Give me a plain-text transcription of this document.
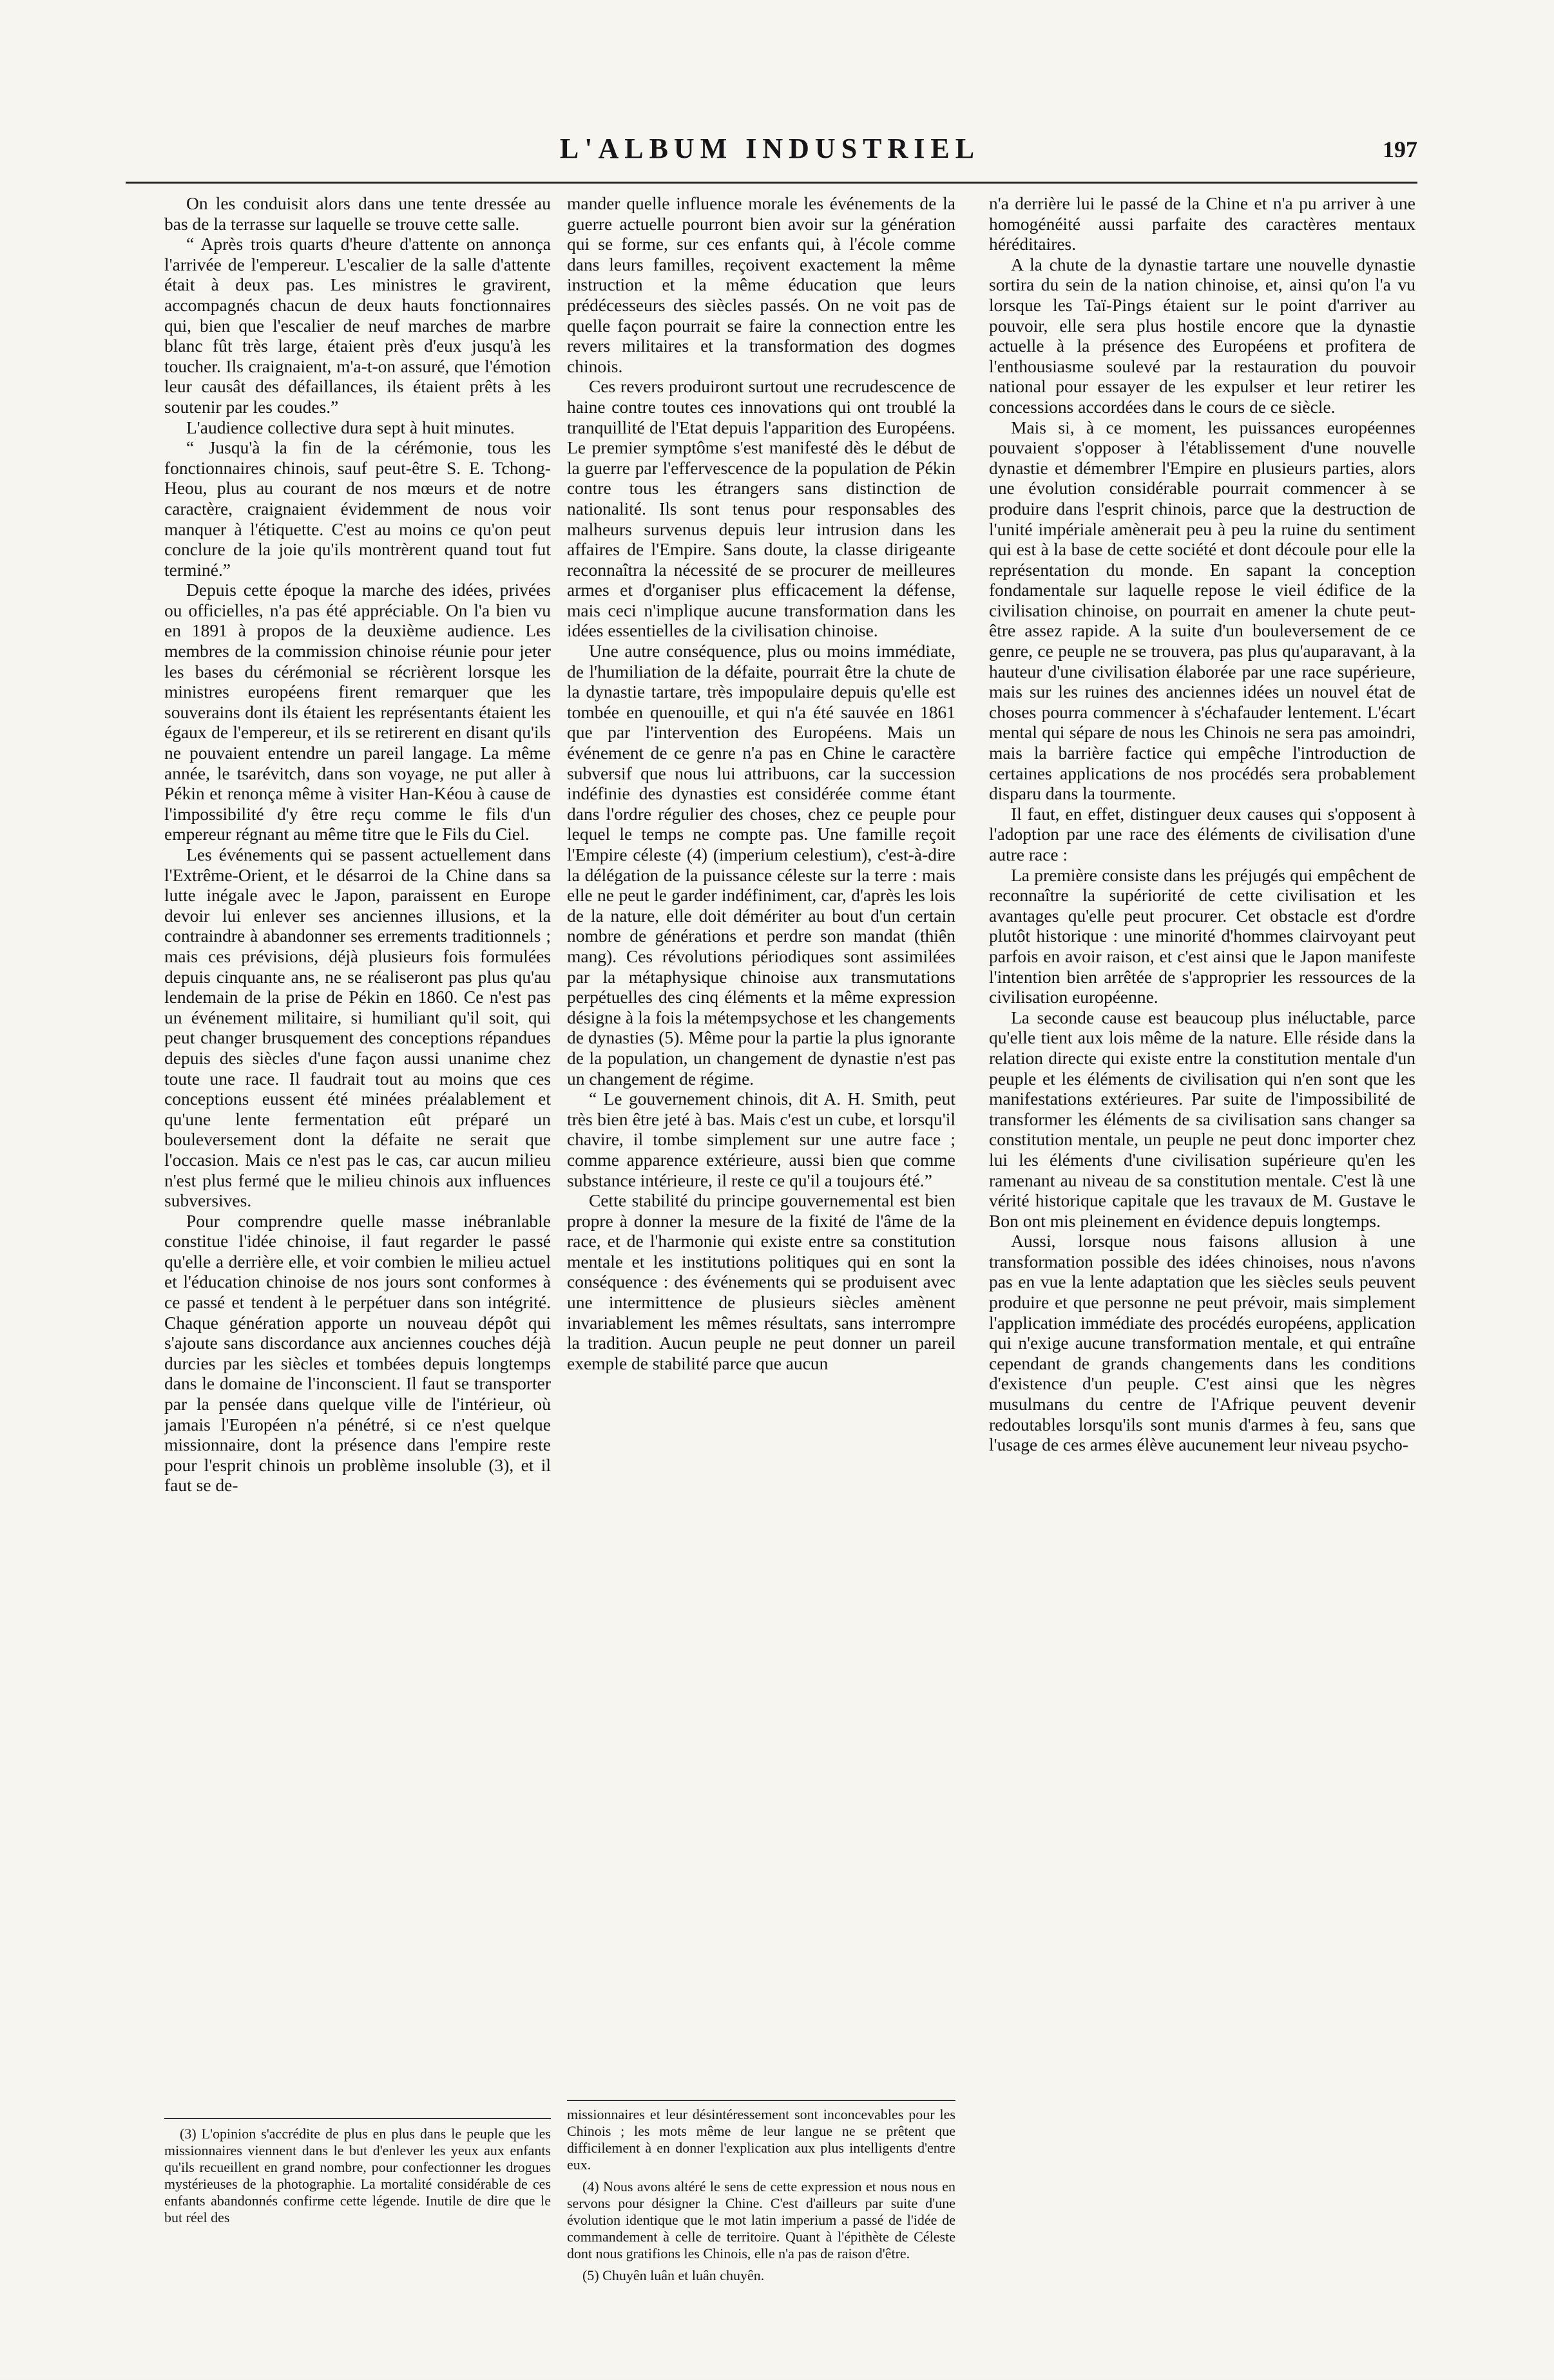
L'ALBUM INDUSTRIEL	197

On les conduisit alors dans une tente dressée au bas de la terrasse sur laquelle se trouve cette salle.

“ Après trois quarts d'heure d'attente on annonça l'arrivée de l'empereur. L'escalier de la salle d'attente était à deux pas. Les ministres le gravirent, accompagnés chacun de deux hauts fonctionnaires qui, bien que l'escalier de neuf marches de marbre blanc fût très large, étaient près d'eux jusqu'à les toucher. Ils craignaient, m'a-t-on assuré, que l'émotion leur causât des défaillances, ils étaient prêts à les soutenir par les coudes.”

L'audience collective dura sept à huit minutes.

“ Jusqu'à la fin de la cérémonie, tous les fonctionnaires chinois, sauf peut-être S. E. Tchong-Heou, plus au courant de nos mœurs et de notre caractère, craignaient évidemment de nous voir manquer à l'étiquette. C'est au moins ce qu'on peut conclure de la joie qu'ils montrèrent quand tout fut terminé.”

Depuis cette époque la marche des idées, privées ou officielles, n'a pas été appréciable. On l'a bien vu en 1891 à propos de la deuxième audience. Les membres de la commission chinoise réunie pour jeter les bases du cérémonial se récrièrent lorsque les ministres européens firent remarquer que les souverains dont ils étaient les représentants étaient les égaux de l'empereur, et ils se retirerent en disant qu'ils ne pouvaient entendre un pareil langage. La même année, le tsarévitch, dans son voyage, ne put aller à Pékin et renonça même à visiter Han-Kéou à cause de l'impossibilité d'y être reçu comme le fils d'un empereur régnant au même titre que le Fils du Ciel.

Les événements qui se passent actuellement dans l'Extrême-Orient, et le désarroi de la Chine dans sa lutte inégale avec le Japon, paraissent en Europe devoir lui enlever ses anciennes illusions, et la contraindre à abandonner ses errements traditionnels ; mais ces prévisions, déjà plusieurs fois formulées depuis cinquante ans, ne se réaliseront pas plus qu'au lendemain de la prise de Pékin en 1860. Ce n'est pas un événement militaire, si humiliant qu'il soit, qui peut changer brusquement des conceptions répandues depuis des siècles d'une façon aussi unanime chez toute une race. Il faudrait tout au moins que ces conceptions eussent été minées préalablement et qu'une lente fermentation eût préparé un bouleversement dont la défaite ne serait que l'occasion. Mais ce n'est pas le cas, car aucun milieu n'est plus fermé que le milieu chinois aux influences subversives.

Pour comprendre quelle masse inébranlable constitue l'idée chinoise, il faut regarder le passé qu'elle a derrière elle, et voir combien le milieu actuel et l'éducation chinoise de nos jours sont conformes à ce passé et tendent à le perpétuer dans son intégrité. Chaque génération apporte un nouveau dépôt qui s'ajoute sans discordance aux anciennes couches déjà durcies par les siècles et tombées depuis longtemps dans le domaine de l'inconscient. Il faut se transporter par la pensée dans quelque ville de l'intérieur, où jamais l'Européen n'a pénétré, si ce n'est quelque missionnaire, dont la présence dans l'empire reste pour l'esprit chinois un problème insoluble (3), et il faut se de-

(3) L'opinion s'accrédite de plus en plus dans le peuple que les missionnaires viennent dans le but d'enlever les yeux aux enfants qu'ils recueillent en grand nombre, pour confectionner les drogues mystérieuses de la photographie. La mortalité considérable de ces enfants abandonnés confirme cette légende. Inutile de dire que le but réel des

mander quelle influence morale les événements de la guerre actuelle pourront bien avoir sur la génération qui se forme, sur ces enfants qui, à l'école comme dans leurs familles, reçoivent exactement la même instruction et la même éducation que leurs prédécesseurs des siècles passés. On ne voit pas de quelle façon pourrait se faire la connection entre les revers militaires et la transformation des dogmes chinois.

Ces revers produiront surtout une recrudescence de haine contre toutes ces innovations qui ont troublé la tranquillité de l'Etat depuis l'apparition des Européens. Le premier symptôme s'est manifesté dès le début de la guerre par l'effervescence de la population de Pékin contre tous les étrangers sans distinction de nationalité. Ils sont tenus pour responsables des malheurs survenus depuis leur intrusion dans les affaires de l'Empire. Sans doute, la classe dirigeante reconnaîtra la nécessité de se procurer de meilleures armes et d'organiser plus efficacement la défense, mais ceci n'implique aucune transformation dans les idées essentielles de la civilisation chinoise.

Une autre conséquence, plus ou moins immédiate, de l'humiliation de la défaite, pourrait être la chute de la dynastie tartare, très impopulaire depuis qu'elle est tombée en quenouille, et qui n'a été sauvée en 1861 que par l'intervention des Européens. Mais un événement de ce genre n'a pas en Chine le caractère subversif que nous lui attribuons, car la succession indéfinie des dynasties est considérée comme étant dans l'ordre régulier des choses, chez ce peuple pour lequel le temps ne compte pas. Une famille reçoit l'Empire céleste (4) (imperium celestium), c'est-à-dire la délégation de la puissance céleste sur la terre : mais elle ne peut le garder indéfiniment, car, d'après les lois de la nature, elle doit démériter au bout d'un certain nombre de générations et perdre son mandat (thiên mang). Ces révolutions périodiques sont assimilées par la métaphysique chinoise aux transmutations perpétuelles des cinq éléments et la même expression désigne à la fois la métempsychose et les changements de dynasties (5). Même pour la partie la plus ignorante de la population, un changement de dynastie n'est pas un changement de régime.

“ Le gouvernement chinois, dit A. H. Smith, peut très bien être jeté à bas. Mais c'est un cube, et lorsqu'il chavire, il tombe simplement sur une autre face ; comme apparence extérieure, aussi bien que comme substance intérieure, il reste ce qu'il a toujours été.”

Cette stabilité du principe gouvernemental est bien propre à donner la mesure de la fixité de l'âme de la race, et de l'harmonie qui existe entre sa constitution mentale et les institutions politiques qui en sont la conséquence : des événements qui se produisent avec une intermittence de plusieurs siècles amènent invariablement les mêmes résultats, sans interrompre la tradition. Aucun peuple ne peut donner un pareil exemple de stabilité parce que aucun

missionnaires et leur désintéressement sont inconcevables pour les Chinois ; les mots même de leur langue ne se prêtent que difficilement à en donner l'explication aux plus intelligents d'entre eux.

(4) Nous avons altéré le sens de cette expression et nous nous en servons pour désigner la Chine. C'est d'ailleurs par suite d'une évolution identique que le mot latin imperium a passé de l'idée de commandement à celle de territoire. Quant à l'épithète de Céleste dont nous gratifions les Chinois, elle n'a pas de raison d'être.

(5) Chuyên luân et luân chuyên.

n'a derrière lui le passé de la Chine et n'a pu arriver à une homogénéité aussi parfaite des caractères mentaux héréditaires.

A la chute de la dynastie tartare une nouvelle dynastie sortira du sein de la nation chinoise, et, ainsi qu'on l'a vu lorsque les Taï-Pings étaient sur le point d'arriver au pouvoir, elle sera plus hostile encore que la dynastie actuelle à la présence des Européens et profitera de l'enthousiasme soulevé par la restauration du pouvoir national pour essayer de les expulser et leur retirer les concessions accordées dans le cours de ce siècle.

Mais si, à ce moment, les puissances européennes pouvaient s'opposer à l'établissement d'une nouvelle dynastie et démembrer l'Empire en plusieurs parties, alors une évolution considérable pourrait commencer à se produire dans l'esprit chinois, parce que la destruction de l'unité impériale amènerait peu à peu la ruine du sentiment qui est à la base de cette société et dont découle pour elle la représentation du monde. En sapant la conception fondamentale sur laquelle repose le vieil édifice de la civilisation chinoise, on pourrait en amener la chute peut-être assez rapide. A la suite d'un bouleversement de ce genre, ce peuple ne se trouvera, pas plus qu'auparavant, à la hauteur d'une civilisation élaborée par une race supérieure, mais sur les ruines des anciennes idées un nouvel état de choses pourra commencer à s'échafauder lentement. L'écart mental qui sépare de nous les Chinois ne sera pas amoindri, mais la barrière factice qui empêche l'introduction de certaines applications de nos procédés sera probablement disparu dans la tourmente.

Il faut, en effet, distinguer deux causes qui s'opposent à l'adoption par une race des éléments de civilisation d'une autre race :

La première consiste dans les préjugés qui empêchent de reconnaître la supériorité de cette civilisation et les avantages qu'elle peut procurer. Cet obstacle est d'ordre plutôt historique : une minorité d'hommes clairvoyant peut parfois en avoir raison, et c'est ainsi que le Japon manifeste l'intention bien arrêtée de s'approprier les ressources de la civilisation européenne.

La seconde cause est beaucoup plus inéluctable, parce qu'elle tient aux lois même de la nature. Elle réside dans la relation directe qui existe entre la constitution mentale d'un peuple et les éléments de civilisation qui n'en sont que les manifestations extérieures. Par suite de l'impossibilité de transformer les éléments de sa civilisation sans changer sa constitution mentale, un peuple ne peut donc importer chez lui les éléments d'une civilisation supérieure qu'en les ramenant au niveau de sa constitution mentale. C'est là une vérité historique capitale que les travaux de M. Gustave le Bon ont mis pleinement en évidence depuis longtemps.

Aussi, lorsque nous faisons allusion à une transformation possible des idées chinoises, nous n'avons pas en vue la lente adaptation que les siècles seuls peuvent produire et que personne ne peut prévoir, mais simplement l'application immédiate des procédés européens, application qui n'exige aucune transformation mentale, et qui entraîne cependant de grands changements dans les conditions d'existence d'un peuple. C'est ainsi que les nègres musulmans du centre de l'Afrique peuvent devenir redoutables lorsqu'ils sont munis d'armes à feu, sans que l'usage de ces armes élève aucunement leur niveau psycho-
